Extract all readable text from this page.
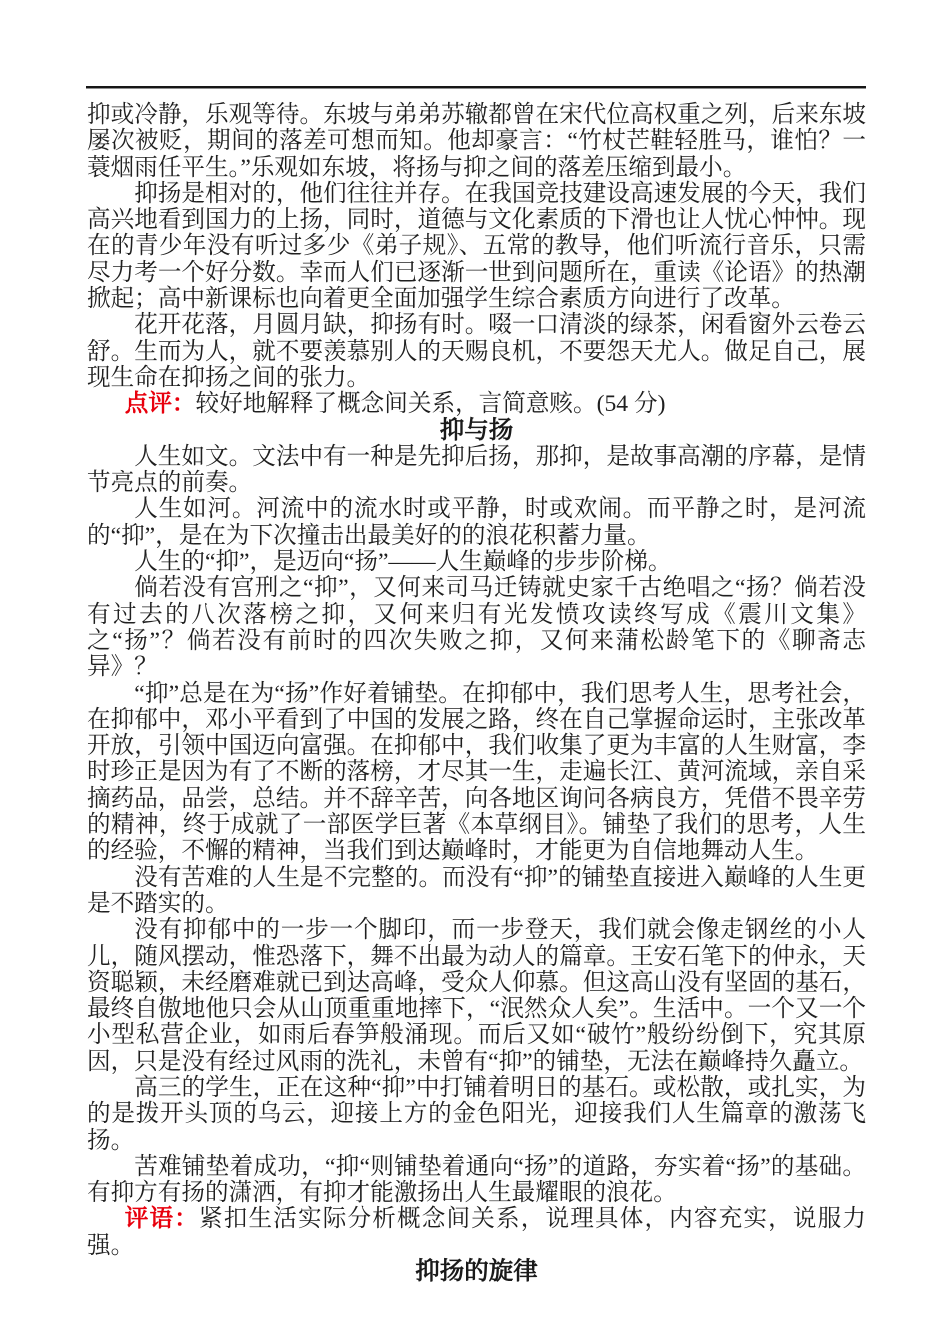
抑或冷静，乐观等待。东坡与弟弟苏辙都曾在宋代位高权重之列，后来东坡屡次被贬，期间的落差可想而知。他却豪言：“竹杖芒鞋轻胜马，谁怕？一蓑烟雨任平生。”乐观如东坡，将扬与抑之间的落差压缩到最小。
抑扬是相对的，他们往往并存。在我国竞技建设高速发展的今天，我们高兴地看到国力的上扬，同时，道德与文化素质的下滑也让人忧心忡忡。现在的青少年没有听过多少《弟子规》、五常的教导，他们听流行音乐，只需尽力考一个好分数。幸而人们已逐渐一世到问题所在，重读《论语》的热潮掀起；高中新课标也向着更全面加强学生综合素质方向进行了改革。
花开花落，月圆月缺，抑扬有时。啜一口清淡的绿茶，闲看窗外云卷云舒。生而为人，就不要羡慕别人的天赐良机，不要怨天尤人。做足自己，展现生命在抑扬之间的张力。
点评：较好地解释了概念间关系，言简意赅。(54 分)
抑与扬
人生如文。文法中有一种是先抑后扬，那抑，是故事高潮的序幕，是情节亮点的前奏。
人生如河。河流中的流水时或平静，时或欢闹。而平静之时，是河流的“抑”，是在为下次撞击出最美好的的浪花积蓄力量。
人生的“抑”，是迈向“扬”——人生巅峰的步步阶梯。
倘若没有宫刑之“抑”，又何来司马迁铸就史家千古绝唱之“扬？倘若没有过去的八次落榜之抑，又何来归有光发愤攻读终写成《震川文集》之“扬”？倘若没有前时的四次失败之抑，又何来蒲松龄笔下的《聊斋志异》？
“抑”总是在为“扬”作好着铺垫。在抑郁中，我们思考人生，思考社会，在抑郁中，邓小平看到了中国的发展之路，终在自己掌握命运时，主张改革开放，引领中国迈向富强。在抑郁中，我们收集了更为丰富的人生财富，李时珍正是因为有了不断的落榜，才尽其一生，走遍长江、黄河流域，亲自采摘药品，品尝，总结。并不辞辛苦，向各地区询问各病良方，凭借不畏辛劳的精神，终于成就了一部医学巨著《本草纲目》。铺垫了我们的思考，人生的经验，不懈的精神，当我们到达巅峰时，才能更为自信地舞动人生。
没有苦难的人生是不完整的。而没有“抑”的铺垫直接进入巅峰的人生更是不踏实的。
没有抑郁中的一步一个脚印，而一步登天，我们就会像走钢丝的小人儿，随风摆动，惟恐落下，舞不出最为动人的篇章。王安石笔下的仲永，天资聪颖，未经磨难就已到达高峰，受众人仰慕。但这高山没有坚固的基石，最终自傲地他只会从山顶重重地摔下，“泯然众人矣”。生活中。一个又一个小型私营企业，如雨后春笋般涌现。而后又如“破竹”般纷纷倒下，究其原因，只是没有经过风雨的洗礼，未曾有“抑”的铺垫，无法在巅峰持久矗立。
高三的学生，正在这种“抑”中打铺着明日的基石。或松散，或扎实，为的是拨开头顶的乌云，迎接上方的金色阳光，迎接我们人生篇章的激荡飞扬。
苦难铺垫着成功，“抑“则铺垫着通向“扬”的道路，夯实着“扬”的基础。有抑方有扬的潇洒，有抑才能激扬出人生最耀眼的浪花。
评语：紧扣生活实际分析概念间关系，说理具体，内容充实，说服力强。
抑扬的旋律
